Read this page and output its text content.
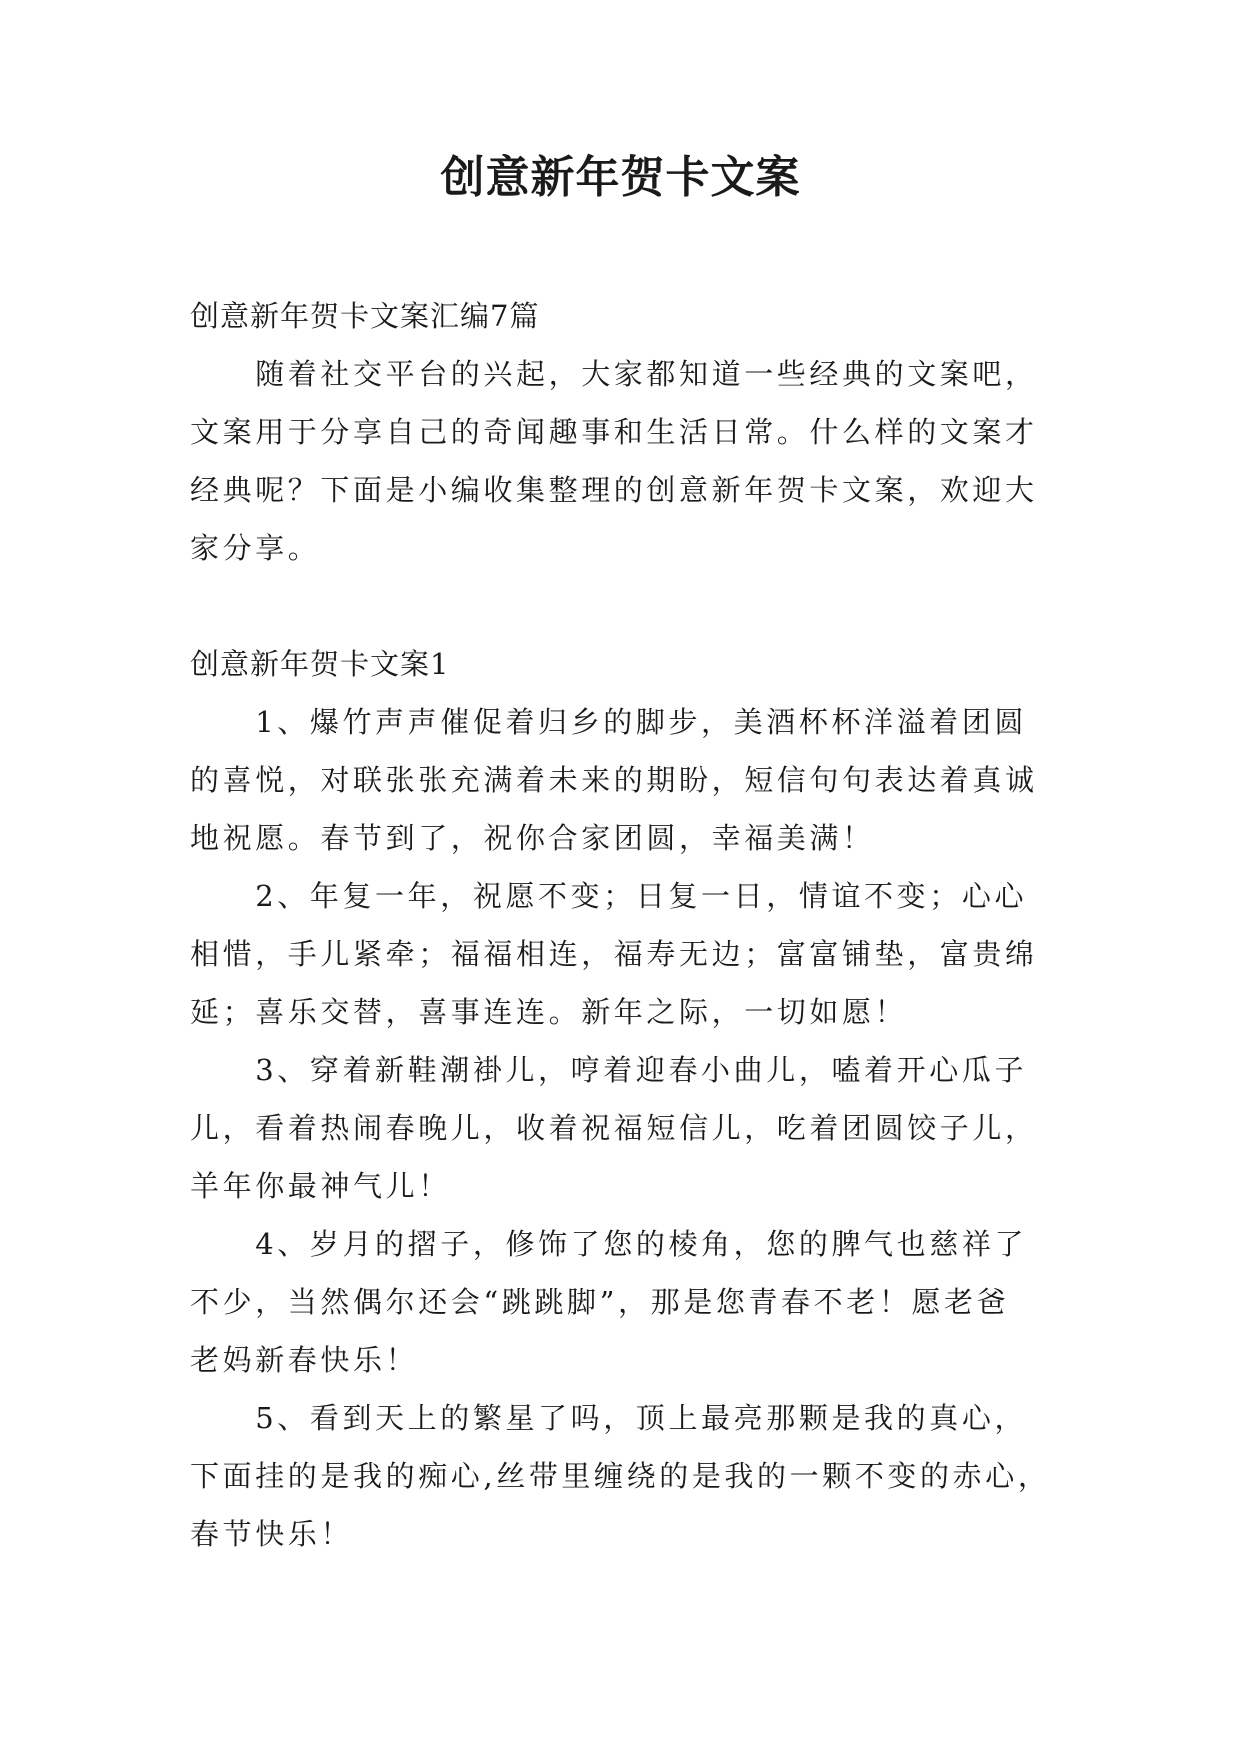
创意新年贺卡文案
创意新年贺卡文案汇编7篇
　　随着社交平台的兴起，大家都知道一些经典的文案吧，
文案用于分享自己的奇闻趣事和生活日常。什么样的文案才
经典呢？下面是小编收集整理的创意新年贺卡文案，欢迎大
家分享。
创意新年贺卡文案1
　　1、爆竹声声催促着归乡的脚步，美酒杯杯洋溢着团圆
的喜悦，对联张张充满着未来的期盼，短信句句表达着真诚
地祝愿。春节到了，祝你合家团圆，幸福美满！
　　2、年复一年，祝愿不变；日复一日，情谊不变；心心
相惜，手儿紧牵；福福相连，福寿无边；富富铺垫，富贵绵
延；喜乐交替，喜事连连。新年之际，一切如愿！
　　3、穿着新鞋潮褂儿，哼着迎春小曲儿，嗑着开心瓜子
儿，看着热闹春晚儿，收着祝福短信儿，吃着团圆饺子儿，
羊年你最神气儿！
　　4、岁月的摺子，修饰了您的棱角，您的脾气也慈祥了
不少，当然偶尔还会“跳跳脚”，那是您青春不老！愿老爸
老妈新春快乐！
　　5、看到天上的繁星了吗，顶上最亮那颗是我的真心，
下面挂的是我的痴心,丝带里缠绕的是我的一颗不变的赤心，
春节快乐！
